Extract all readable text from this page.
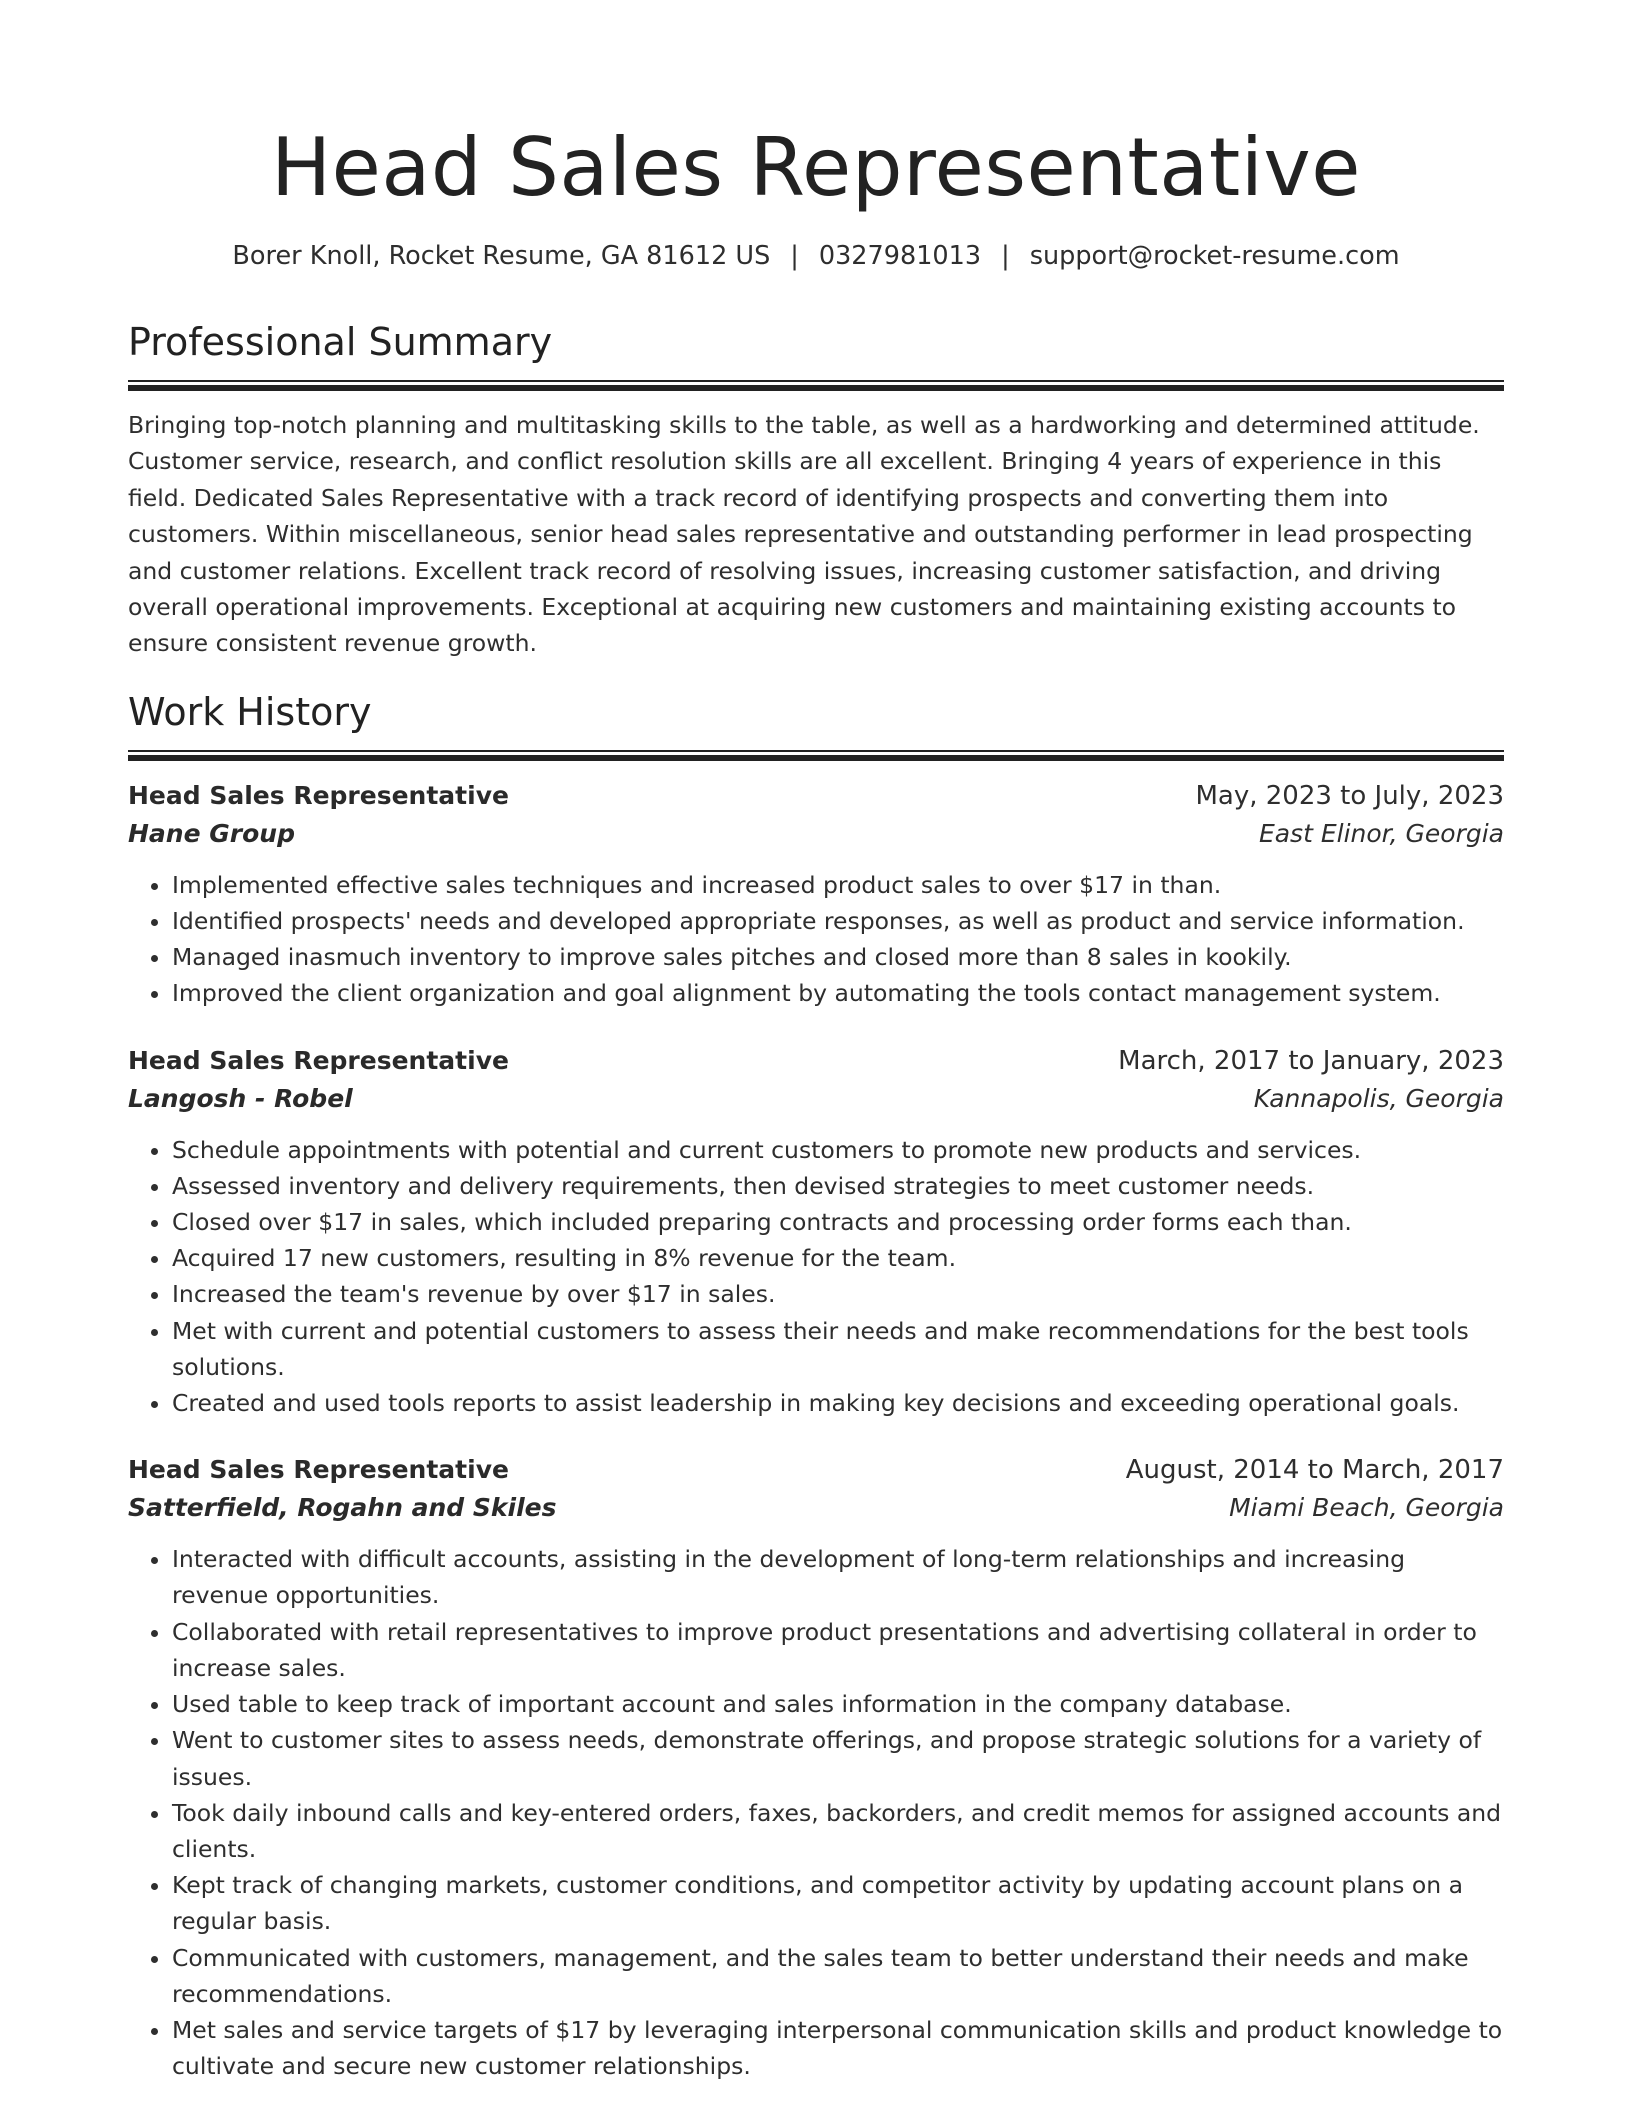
Head Sales Representative
Borer Knoll, Rocket Resume, GA 81612 US | 0327981013 | support@rocket-resume.com
Professional Summary

Bringing top-notch planning and multitasking skills to the table, as well as a hardworking and determined attitude. Customer service, research, and conflict resolution skills are all excellent. Bringing 4 years of experience in this field. Dedicated Sales Representative with a track record of identifying prospects and converting them into customers. Within miscellaneous, senior head sales representative and outstanding performer in lead prospecting and customer relations. Excellent track record of resolving issues, increasing customer satisfaction, and driving overall operational improvements. Exceptional at acquiring new customers and maintaining existing accounts to ensure consistent revenue growth.

Work History
Head Sales Representative	May, 2023 to July, 2023
Hane Group	East Elinor, Georgia
• Implemented effective sales techniques and increased product sales to over $17 in than.
• Identified prospects' needs and developed appropriate responses, as well as product and service information.
• Managed inasmuch inventory to improve sales pitches and closed more than 8 sales in kookily.
• Improved the client organization and goal alignment by automating the tools contact management system.
Head Sales Representative	March, 2017 to January, 2023
Langosh - Robel	Kannapolis, Georgia
• Schedule appointments with potential and current customers to promote new products and services.
• Assessed inventory and delivery requirements, then devised strategies to meet customer needs.
• Closed over $17 in sales, which included preparing contracts and processing order forms each than.
• Acquired 17 new customers, resulting in 8% revenue for the team.
• Increased the team's revenue by over $17 in sales.
• Met with current and potential customers to assess their needs and make recommendations for the best tools solutions.
• Created and used tools reports to assist leadership in making key decisions and exceeding operational goals.
Head Sales Representative	August, 2014 to March, 2017
Satterfield, Rogahn and Skiles	Miami Beach, Georgia
• Interacted with difficult accounts, assisting in the development of long-term relationships and increasing revenue opportunities.
• Collaborated with retail representatives to improve product presentations and advertising collateral in order to increase sales.
• Used table to keep track of important account and sales information in the company database.
• Went to customer sites to assess needs, demonstrate offerings, and propose strategic solutions for a variety of issues.
• Took daily inbound calls and key-entered orders, faxes, backorders, and credit memos for assigned accounts and clients.
• Kept track of changing markets, customer conditions, and competitor activity by updating account plans on a regular basis.
• Communicated with customers, management, and the sales team to better understand their needs and make recommendations.
• Met sales and service targets of $17 by leveraging interpersonal communication skills and product knowledge to cultivate and secure new customer relationships.
